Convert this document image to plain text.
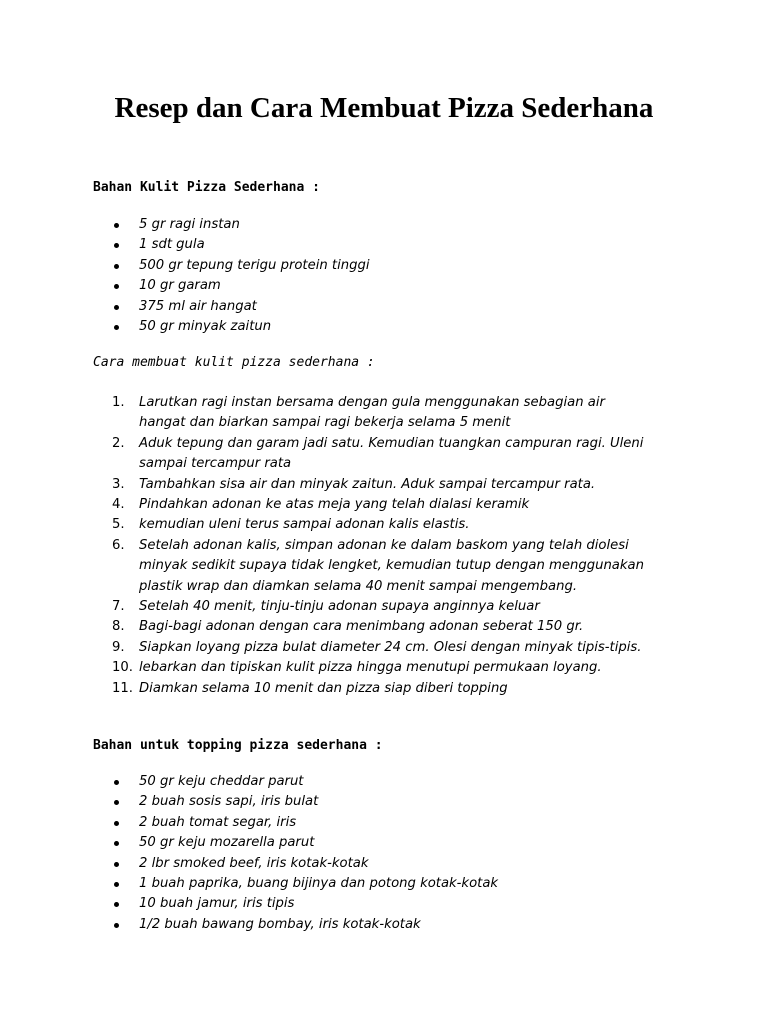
Resep dan Cara Membuat Pizza Sederhana
Bahan Kulit Pizza Sederhana :
5 gr ragi instan
1 sdt gula
500 gr tepung terigu protein tinggi
10 gr garam
375 ml air hangat
50 gr minyak zaitun
Cara membuat kulit pizza sederhana :
1.	Larutkan ragi instan bersama dengan gula menggunakan sebagian air hangat dan biarkan sampai ragi bekerja selama 5 menit
2.	Aduk tepung dan garam jadi satu. Kemudian tuangkan campuran ragi. Uleni sampai tercampur rata
3.	Tambahkan sisa air dan minyak zaitun. Aduk sampai tercampur rata.
4.	Pindahkan adonan ke atas meja yang telah dialasi keramik
5.	kemudian uleni terus sampai adonan kalis elastis.
6.	Setelah adonan kalis, simpan adonan ke dalam baskom yang telah diolesi minyak sedikit supaya tidak lengket, kemudian tutup dengan menggunakan plastik wrap dan diamkan selama 40 menit sampai mengembang.
7.	Setelah 40 menit, tinju-tinju adonan supaya anginnya keluar
8.	Bagi-bagi adonan dengan cara menimbang adonan seberat 150 gr.
9.	Siapkan loyang pizza bulat diameter 24 cm. Olesi dengan minyak tipis-tipis.
10. lebarkan dan tipiskan kulit pizza hingga menutupi permukaan loyang.
11. Diamkan selama 10 menit dan pizza siap diberi topping
Bahan untuk topping pizza sederhana :
50 gr keju cheddar parut
2 buah sosis sapi, iris bulat
2 buah tomat segar, iris
50 gr keju mozarella parut
2 lbr smoked beef, iris kotak-kotak
1 buah paprika, buang bijinya dan potong kotak-kotak
10 buah jamur, iris tipis
1/2 buah bawang bombay, iris kotak-kotak
